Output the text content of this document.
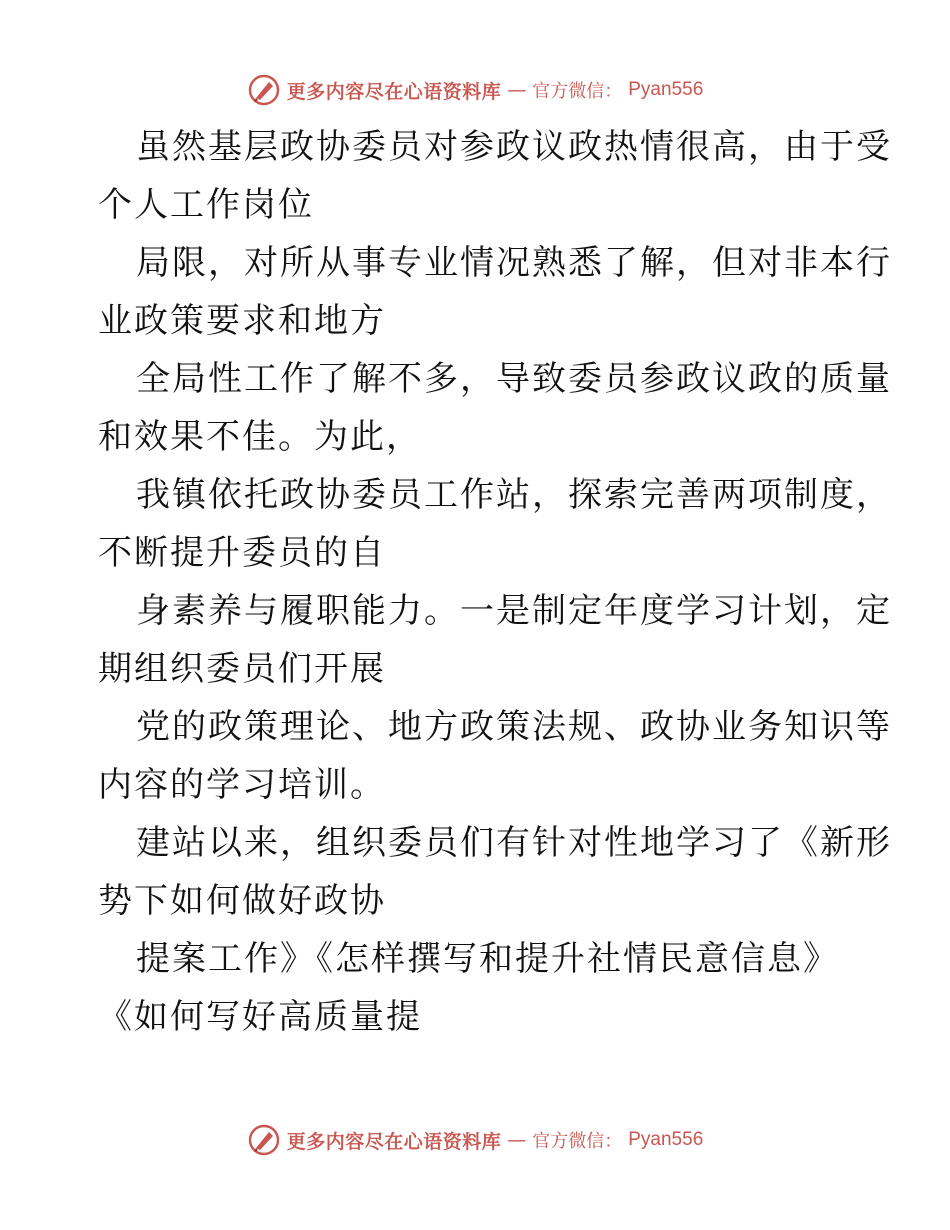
更多内容尽在心语资料库 — 官方微信： Pyan556

虽然基层政协委员对参政议政热情很高，由于受
个人工作岗位

局限，对所从事专业情况熟悉了解，但对非本行
业政策要求和地方

全局性工作了解不多，导致委员参政议政的质量
和效果不佳。为此，

我镇依托政协委员工作站，探索完善两项制度，
不断提升委员的自

身素养与履职能力。一是制定年度学习计划，定
期组织委员们开展

党的政策理论、地方政策法规、政协业务知识等
内容的学习培训。

建站以来，组织委员们有针对性地学习了《新形
势下如何做好政协

提案工作》《怎样撰写和提升社情民意信息》
《如何写好高质量提

更多内容尽在心语资料库 — 官方微信： Pyan556
